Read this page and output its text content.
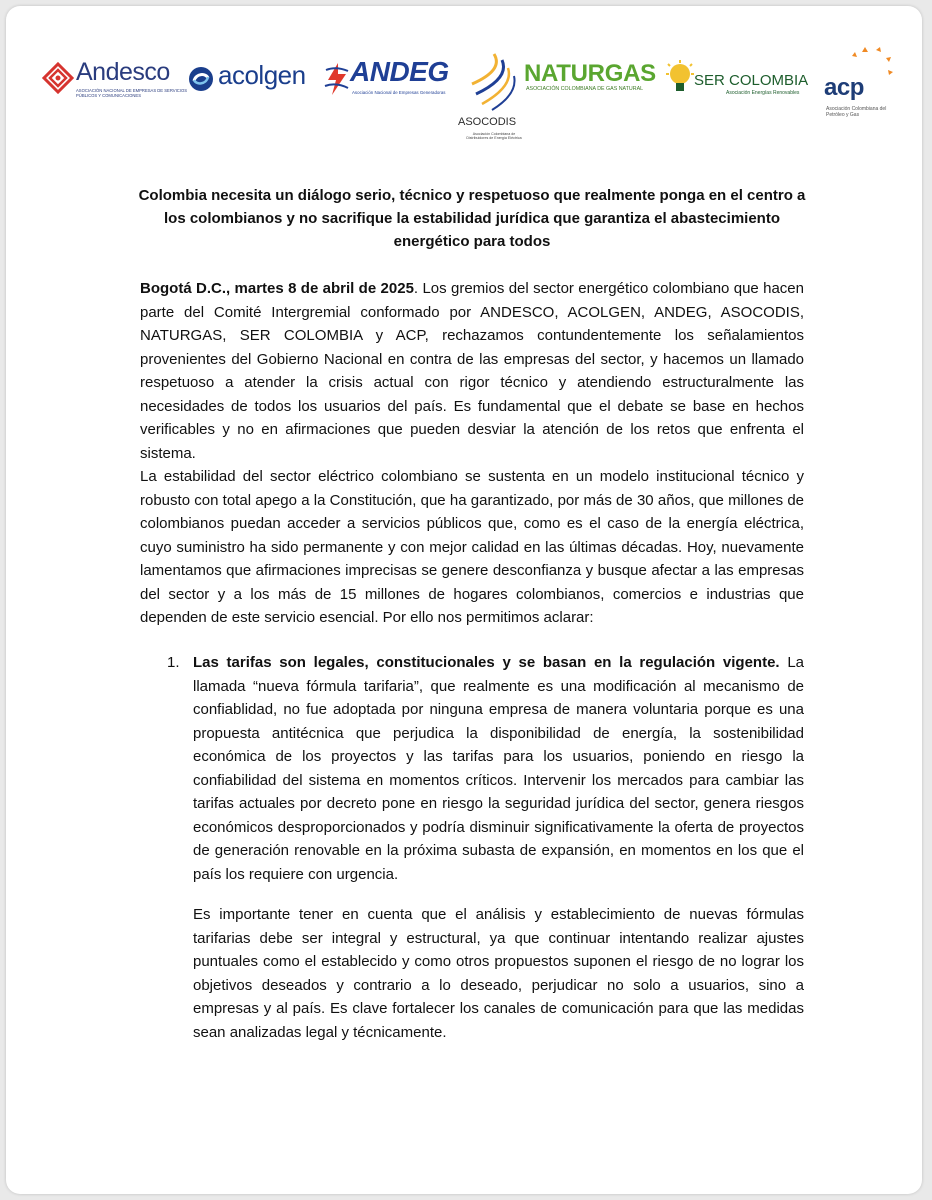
Andesco
ASOCIACIÓN NACIONAL DE EMPRESAS DE SERVICIOS PÚBLICOS Y COMUNICACIONES
acolgen ANDEG
Asociación Nacional de Empresas Generadoras
ASOCODIS
Asociación Colombiana de Distribuidores de Energía Eléctrica
NATURGAS
ASOCIACIÓN COLOMBIANA DE GAS NATURAL	SER COLOMBIA
Asociación Energías Renovables acp
Asociación Colombiana del Petróleo y Gas
Colombia necesita un diálogo serio, técnico y respetuoso que realmente ponga en el centro a los colombianos y no sacrifique la estabilidad jurídica que garantiza el abastecimiento energético para todos
Bogotá D.C., martes 8 de abril de 2025. Los gremios del sector energético colombiano que hacen parte del Comité Intergremial conformado por ANDESCO, ACOLGEN, ANDEG, ASOCODIS, NATURGAS, SER COLOMBIA y ACP, rechazamos contundentemente los señalamientos provenientes del Gobierno Nacional en contra de las empresas del sector, y hacemos un llamado respetuoso a atender la crisis actual con rigor técnico y atendiendo estructuralmente las necesidades de todos los usuarios del país. Es fundamental que el debate se base en hechos verificables y no en afirmaciones que pueden desviar la atención de los retos que enfrenta el sistema.
La estabilidad del sector eléctrico colombiano se sustenta en un modelo institucional técnico y robusto con total apego a la Constitución, que ha garantizado, por más de 30 años, que millones de colombianos puedan acceder a servicios públicos que, como es el caso de la energía eléctrica, cuyo suministro ha sido permanente y con mejor calidad en las últimas décadas. Hoy, nuevamente lamentamos que afirmaciones imprecisas se genere desconfianza y busque afectar a las empresas del sector y a los más de 15 millones de hogares colombianos, comercios e industrias que dependen de este servicio esencial. Por ello nos permitimos aclarar:
1. Las tarifas son legales, constitucionales y se basan en la regulación vigente. La llamada “nueva fórmula tarifaria”, que realmente es una modificación al mecanismo de confiablidad, no fue adoptada por ninguna empresa de manera voluntaria porque es una propuesta antitécnica que perjudica la disponibilidad de energía, la sostenibilidad económica de los proyectos y las tarifas para los usuarios, poniendo en riesgo la confiabilidad del sistema en momentos críticos. Intervenir los mercados para cambiar las tarifas actuales por decreto pone en riesgo la seguridad jurídica del sector, genera riesgos económicos desproporcionados y podría disminuir significativamente la oferta de proyectos de generación renovable en la próxima subasta de expansión, en momentos en los que el país los requiere con urgencia.
Es importante tener en cuenta que el análisis y establecimiento de nuevas fórmulas tarifarias debe ser integral y estructural, ya que continuar intentando realizar ajustes puntuales como el establecido y como otros propuestos suponen el riesgo de no lograr los objetivos deseados y contrario a lo deseado, perjudicar no solo a usuarios, sino a empresas y al país. Es clave fortalecer los canales de comunicación para que las medidas sean analizadas legal y técnicamente.
